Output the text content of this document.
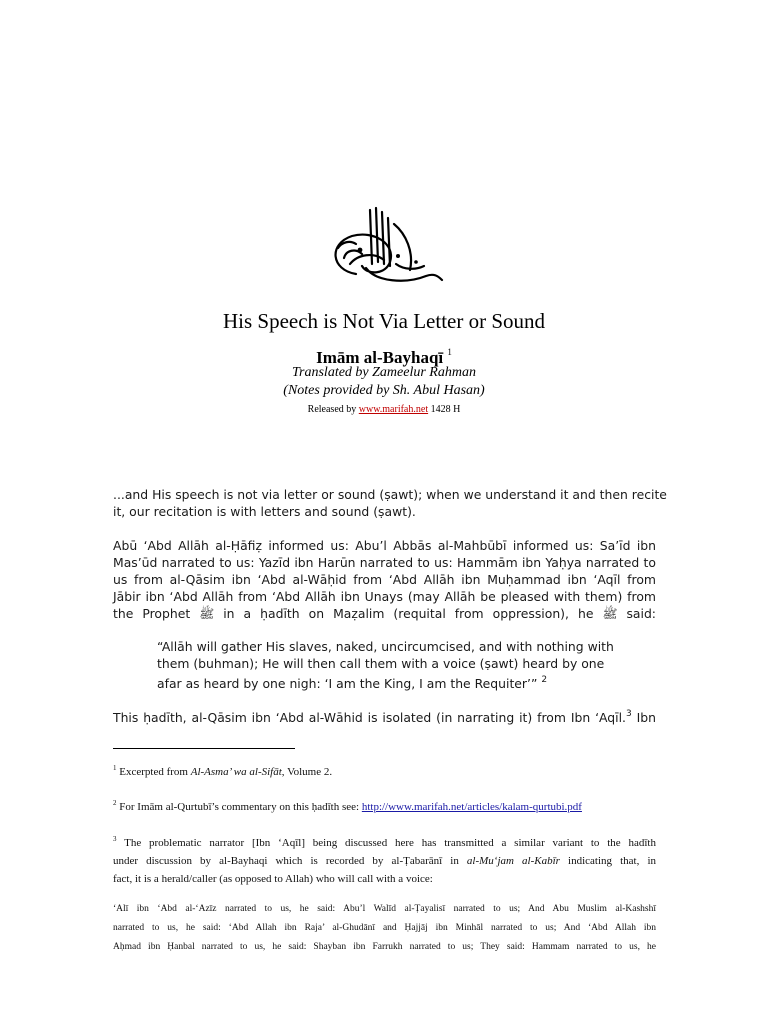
His Speech is Not Via Letter or Sound
Imām al-Bayhaqī $^1$
Translated by Zameelur Rahman
(Notes provided by Sh. Abul Hasan)
Released by www.marifah.net 1428 H
...and His speech is not via letter or sound (ṣawt); when we understand it and then recite
it, our recitation is with letters and sound (ṣawt).
Abū ‘Abd Allāh al-Ḥāfiẓ informed us: Abu’l Abbās al-Mahbūbī informed us: Sa’īd ibn
Mas’ūd narrated to us: Yazīd ibn Harūn narrated to us: Hammām ibn Yaḥya narrated to
us from al-Qāsim ibn ‘Abd al-Wāḥid from ‘Abd Allāh ibn Muḥammad ibn ‘Aqīl from
Jābir ibn ‘Abd Allāh from ‘Abd Allāh ibn Unays (may Allāh be pleased with them) from
the Prophet ﷺ in a ḥadīth on Maẓalim (requital from oppression), he ﷺ said:
“Allāh will gather His slaves, naked, uncircumcised, and with nothing with
them (buhman); He will then call them with a voice (ṣawt) heard by one
afar as heard by one nigh: ‘I am the King, I am the Requiter’” $^2$
This ḥadīth, al-Qāsim ibn ‘Abd al-Wāhid is isolated (in narrating it) from Ibn ‘Aqīl.$^3$ Ibn
$^1$ Excerpted from Al-Asma’ wa al-Sifāt, Volume 2.
$^2$ For Imām al-Qurtubī’s commentary on this ḥadīth see: http://www.marifah.net/articles/kalam-qurtubi.pdf
$^3$ The problematic narrator [Ibn ‘Aqīl] being discussed here has transmitted a similar variant to the hadīth
under discussion by al-Bayhaqi which is recorded by al-Ṭabarānī in al-Mu‘jam al-Kabīr indicating that, in
fact, it is a herald/caller (as opposed to Allah) who will call with a voice:
‘Alī ibn ‘Abd al-‘Azīz narrated to us, he said: Abu’l Walīd al-Ṭayalisī narrated to us; And Abu Muslim al-Kashshī
narrated to us, he said: ‘Abd Allah ibn Raja’ al-Ghudānī and Ḥajjāj ibn Minhāl narrated to us; And ‘Abd Allah ibn
Aḥmad ibn Ḥanbal narrated to us, he said: Shayban ibn Farrukh narrated to us; They said: Hammam narrated to us, he
